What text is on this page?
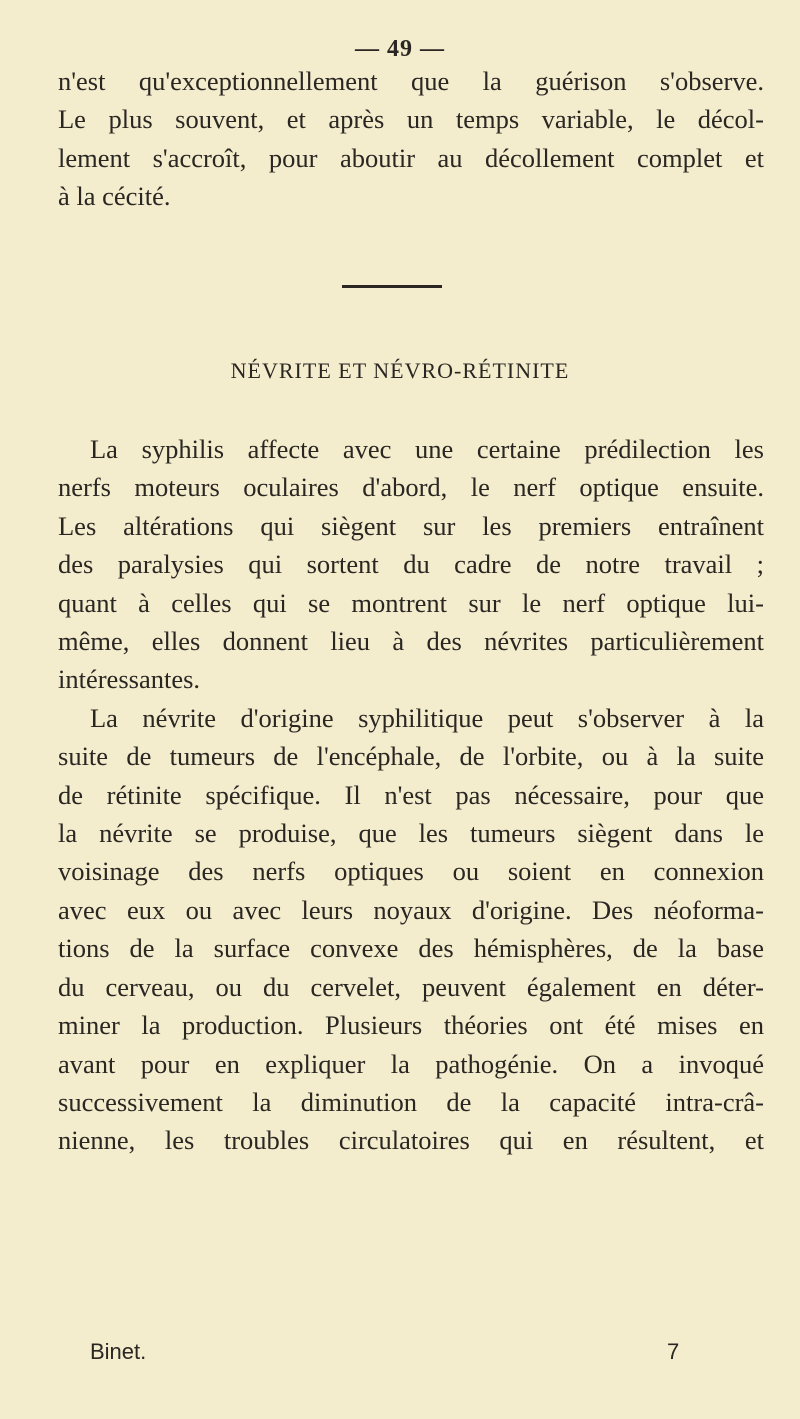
— 49 —
n'est qu'exceptionnellement que la guérison s'observe.
Le plus souvent, et après un temps variable, le décol-
lement s'accroît, pour aboutir au décollement complet et
à la cécité.
NÉVRITE ET NÉVRO-RÉTINITE
La syphilis affecte avec une certaine prédilection les
nerfs moteurs oculaires d'abord, le nerf optique ensuite.
Les altérations qui siègent sur les premiers entraînent
des paralysies qui sortent du cadre de notre travail ;
quant à celles qui se montrent sur le nerf optique lui-
même, elles donnent lieu à des névrites particulièrement
intéressantes.
La névrite d'origine syphilitique peut s'observer à la
suite de tumeurs de l'encéphale, de l'orbite, ou à la suite
de rétinite spécifique. Il n'est pas nécessaire, pour que
la névrite se produise, que les tumeurs siègent dans le
voisinage des nerfs optiques ou soient en connexion
avec eux ou avec leurs noyaux d'origine. Des néoforma-
tions de la surface convexe des hémisphères, de la base
du cerveau, ou du cervelet, peuvent également en déter-
miner la production. Plusieurs théories ont été mises en
avant pour en expliquer la pathogénie. On a invoqué
successivement la diminution de la capacité intra-crâ-
nienne, les troubles circulatoires qui en résultent, et
Binet.	7
